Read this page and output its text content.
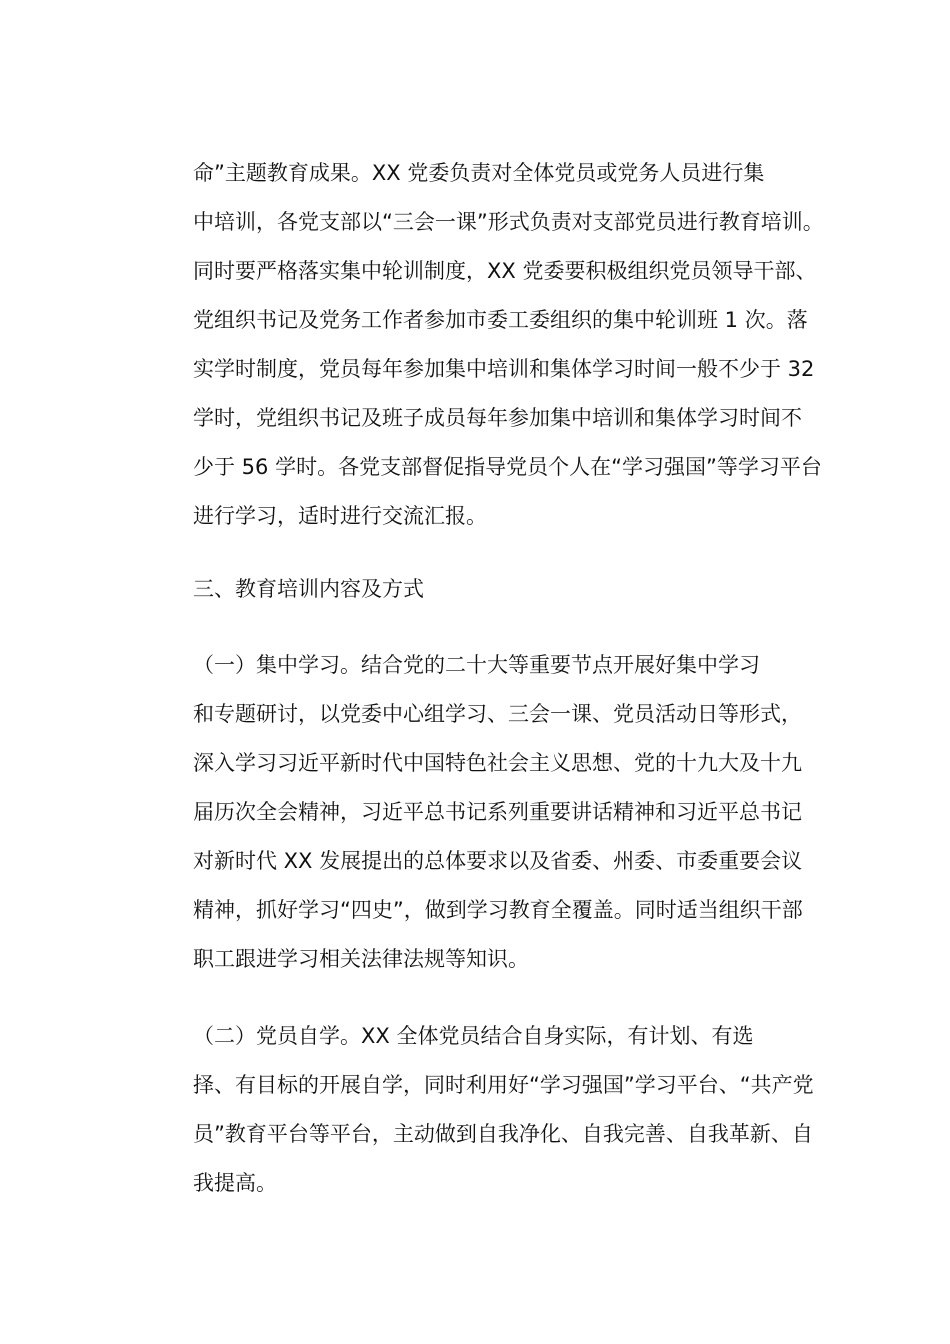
命”主题教育成果。XX 党委负责对全体党员或党务人员进行集
中培训，各党支部以“三会一课”形式负责对支部党员进行教育培训。
同时要严格落实集中轮训制度，XX 党委要积极组织党员领导干部、
党组织书记及党务工作者参加市委工委组织的集中轮训班 1 次。落
实学时制度，党员每年参加集中培训和集体学习时间一般不少于 32
学时，党组织书记及班子成员每年参加集中培训和集体学习时间不
少于 56 学时。各党支部督促指导党员个人在“学习强国”等学习平台
进行学习，适时进行交流汇报。
三、教育培训内容及方式
（一）集中学习。结合党的二十大等重要节点开展好集中学习
和专题研讨，以党委中心组学习、三会一课、党员活动日等形式，
深入学习习近平新时代中国特色社会主义思想、党的十九大及十九
届历次全会精神，习近平总书记系列重要讲话精神和习近平总书记
对新时代 XX 发展提出的总体要求以及省委、州委、市委重要会议
精神，抓好学习“四史”，做到学习教育全覆盖。同时适当组织干部
职工跟进学习相关法律法规等知识。
（二）党员自学。XX 全体党员结合自身实际，有计划、有选
择、有目标的开展自学，同时利用好“学习强国”学习平台、“共产党
员”教育平台等平台，主动做到自我净化、自我完善、自我革新、自
我提高。
